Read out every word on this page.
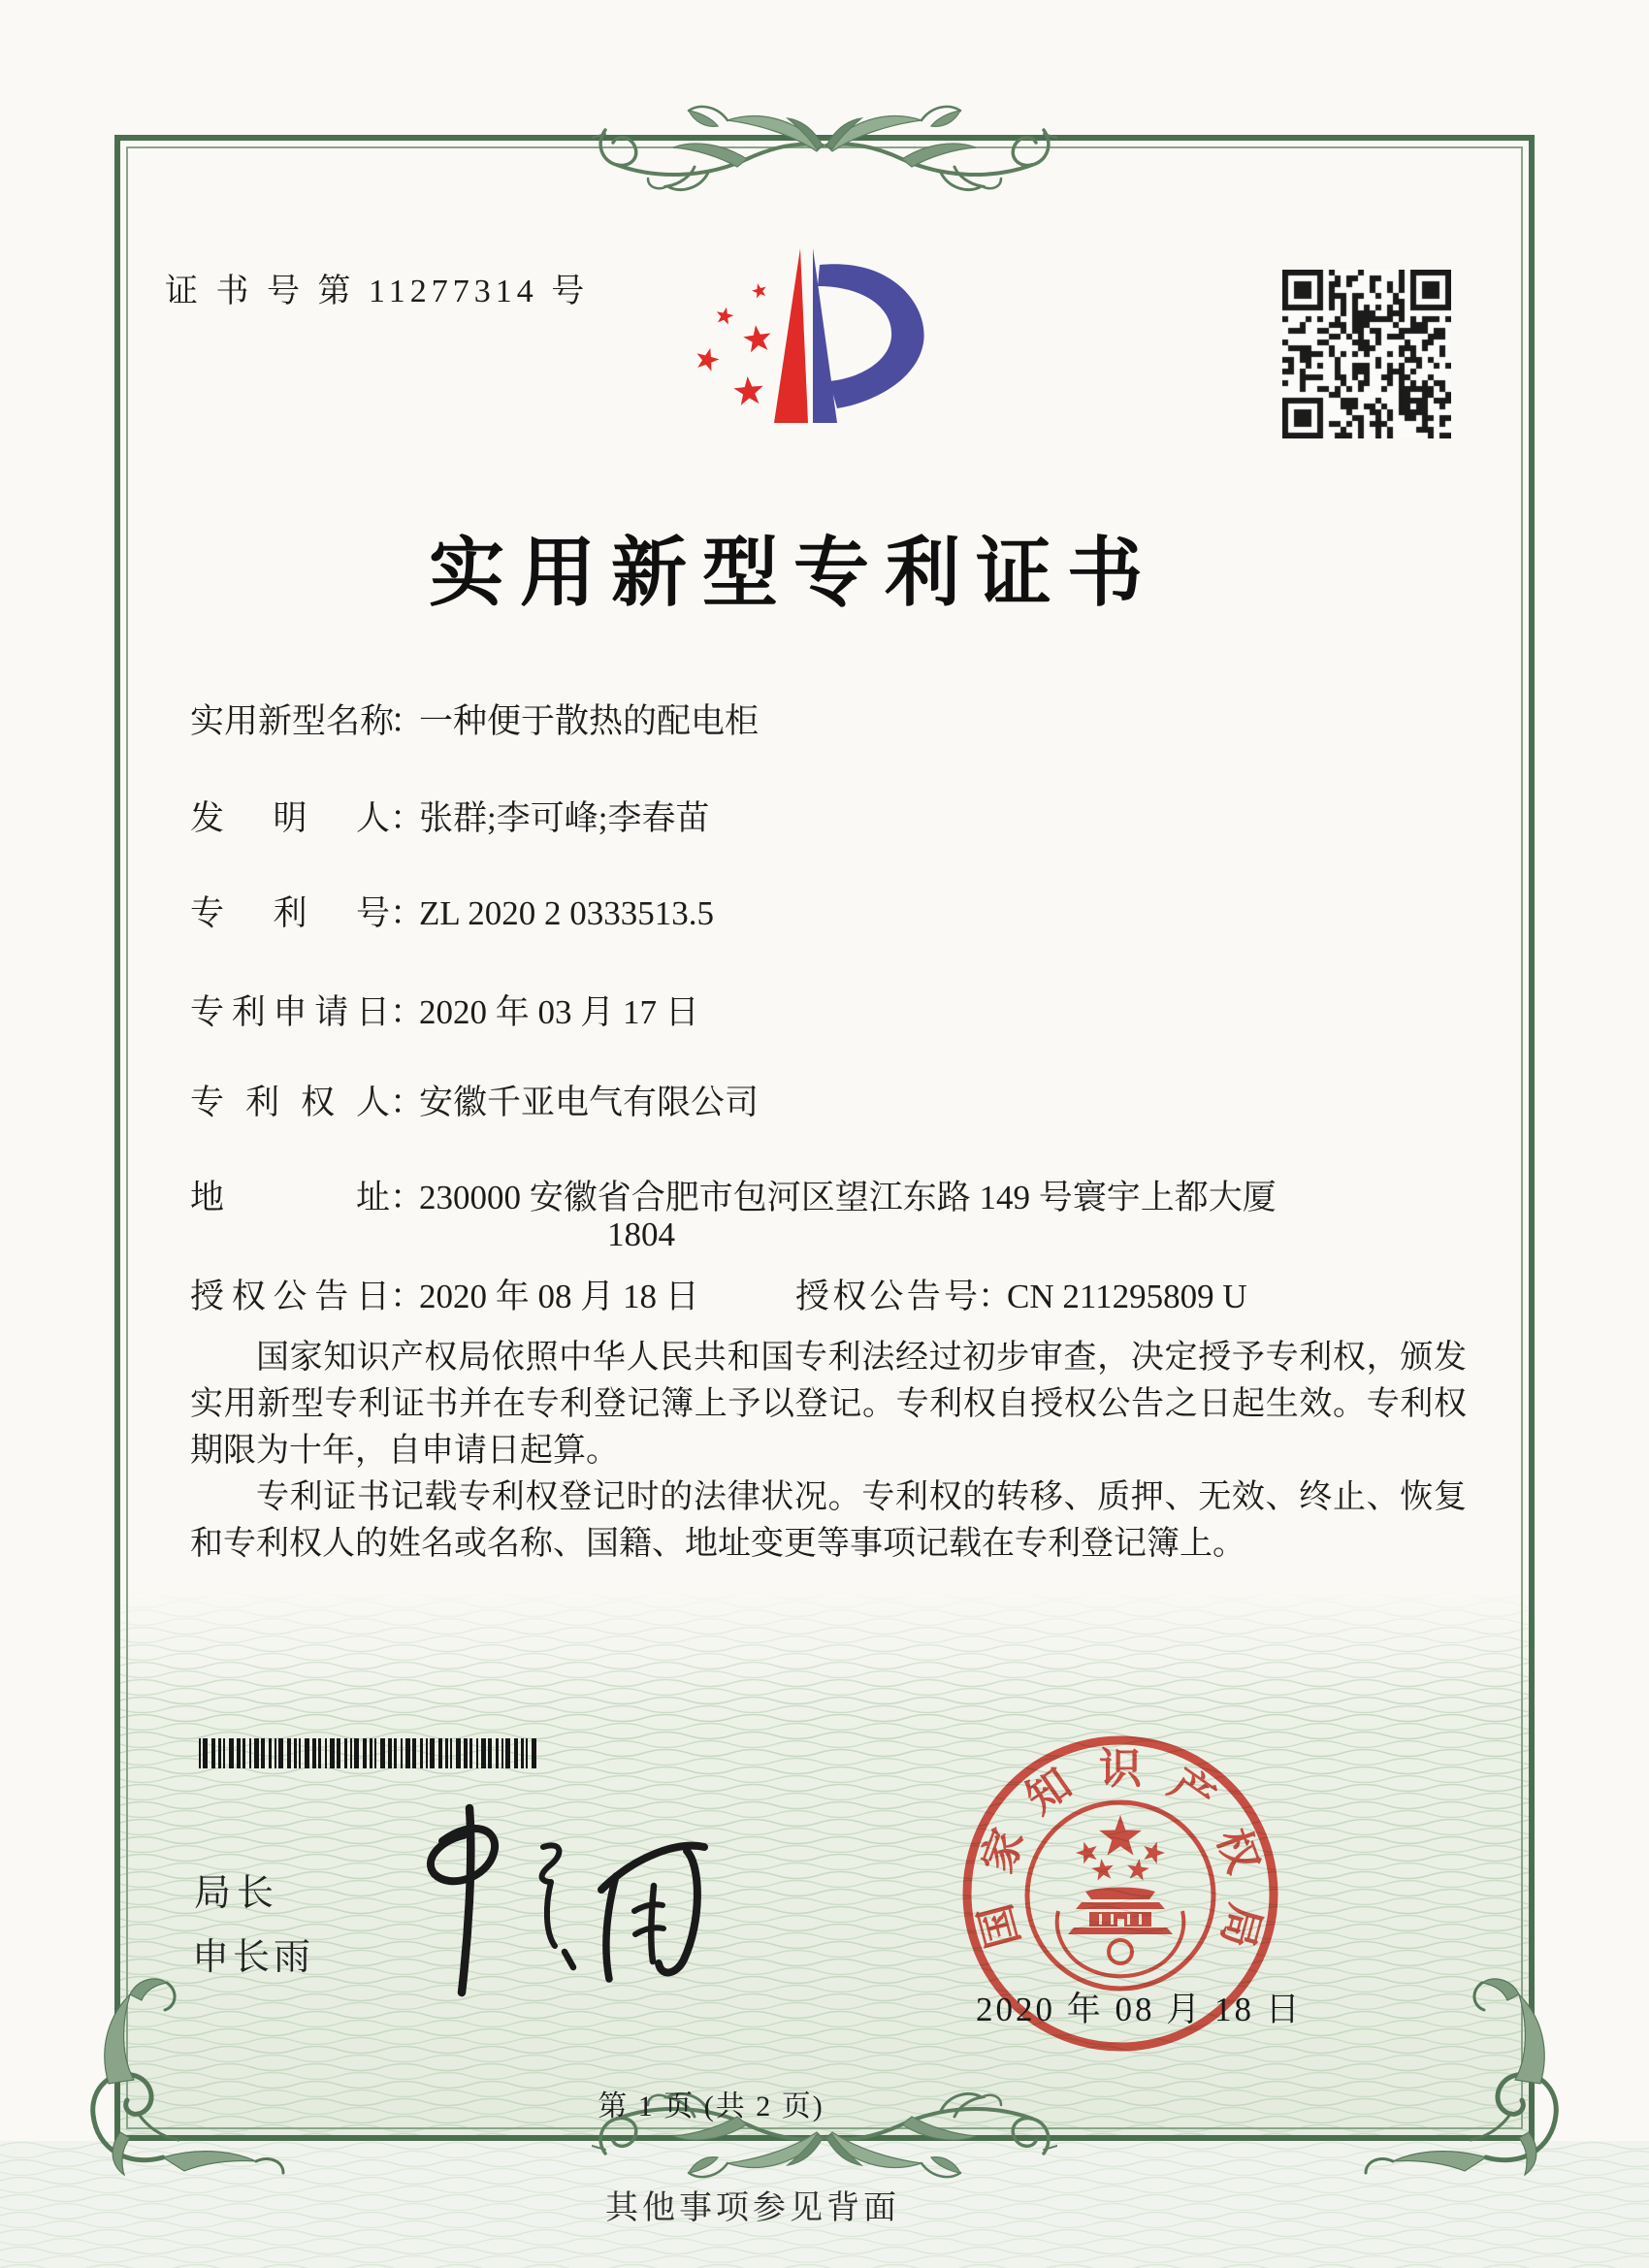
证 书 号 第 11277314 号
实用新型专利证书
实 用 新 型 名 称
：一种便于散热的配电柜
发 明 人 ：张群;李可峰;李春苗
专 利 号 ：ZL 2020 2 0333513.5
专 利 申 请 日 ：2020 年 03 月 17 日
专 利 权 人 ：安徽千亚电气有限公司
地	址 ：230000 安徽省合肥市包河区望江东路 149 号寰宇上都大厦
1804
授 权 公 告 日 ：2020 年 08 月 18 日	授 权 公 告 号 ：CN 211295809 U

国家知识产权局依照中华人民共和国专利法经过初步审查，决定授予专利权，颁发实用新型专利证书并在专利登记簿上予以登记。专利权自授权公告之日起生效。专利权期限为十年，自申请日起算。

专利证书记载专利权登记时的法律状况。专利权的转移、质押、无效、终止、恢复和专利权人的姓名或名称、国籍、地址变更等事项记载在专利登记簿上。

局长
申长雨
国
家
知 识 产
权
局
2020 年 08 月 18 日
第 1 页 (共 2 页)
其他事项参见背面
